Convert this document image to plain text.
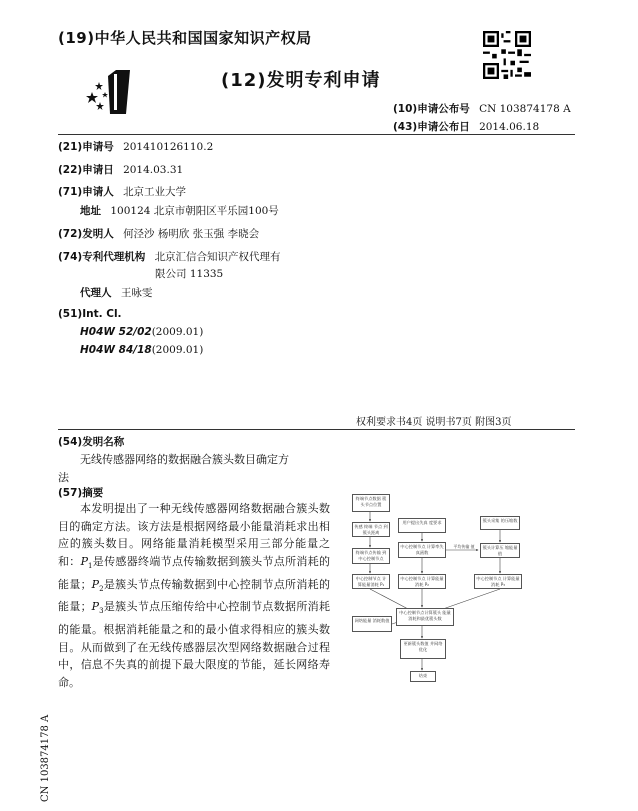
(19)中华人民共和国国家知识产权局
(12)发明专利申请
(10)申请公布号 CN 103874178 A
(43)申请公布日 2014.06.18
(21)申请号 201410126110.2
(22)申请日 2014.03.31
(71)申请人 北京工业大学
地址 100124 北京市朝阳区平乐园100号
(72)发明人 何泾沙 杨明欣 张玉强 李晓会
(74)专利代理机构 北京汇信合知识产权代理有
限公司 11335
代理人 王咏雯
(51)Int. Cl.
H04W 52/02(2009.01)
H04W 84/18(2009.01)
权利要求书4页 说明书7页 附图3页
(54)发明名称
无线传感器网络的数据融合簇头数目确定方
法
(57)摘要
本发明提出了一种无线传感器网络数据融合簇头数目的确定方法。该方法是根据网络最小能量消耗求出相应的簇头数目。网络能量消耗模型采用三部分能量之和：$P_1$是传感器终端节点传输数据到簇头节点所消耗的能量；$P_2$是簇头节点传输数据到中心控制节点所消耗的能量；$P_3$是簇头节点压缩传给中心控制节点数据所消耗的能量。根据消耗能量之和的最小值求得相应的簇头数目。从而做到了在无线传感器层次型网络数据融合过程中，信息不失真的前提下最大限度的节能，延长网络寿命。
终端节点数据 簇头节点位置
传感 终端 节点 到簇头距离
终端节点传输 到中心控制节点
中心控制节点 计算能量消耗 P₁
用户提出失真 度要求
中心控制节点 计算率失真函数
中心控制节点 计算能量消耗 P₂
簇头采集 的压缩数
簇头计算压 缩能量值
中心控制节点 计算能量消耗 P₃
平均传输 值
中心控制节点计算簇头 能量消耗和最优簇头数
网络能量 消耗数值
更新簇头数值 并网络优化
结束
CN 103874178 A
